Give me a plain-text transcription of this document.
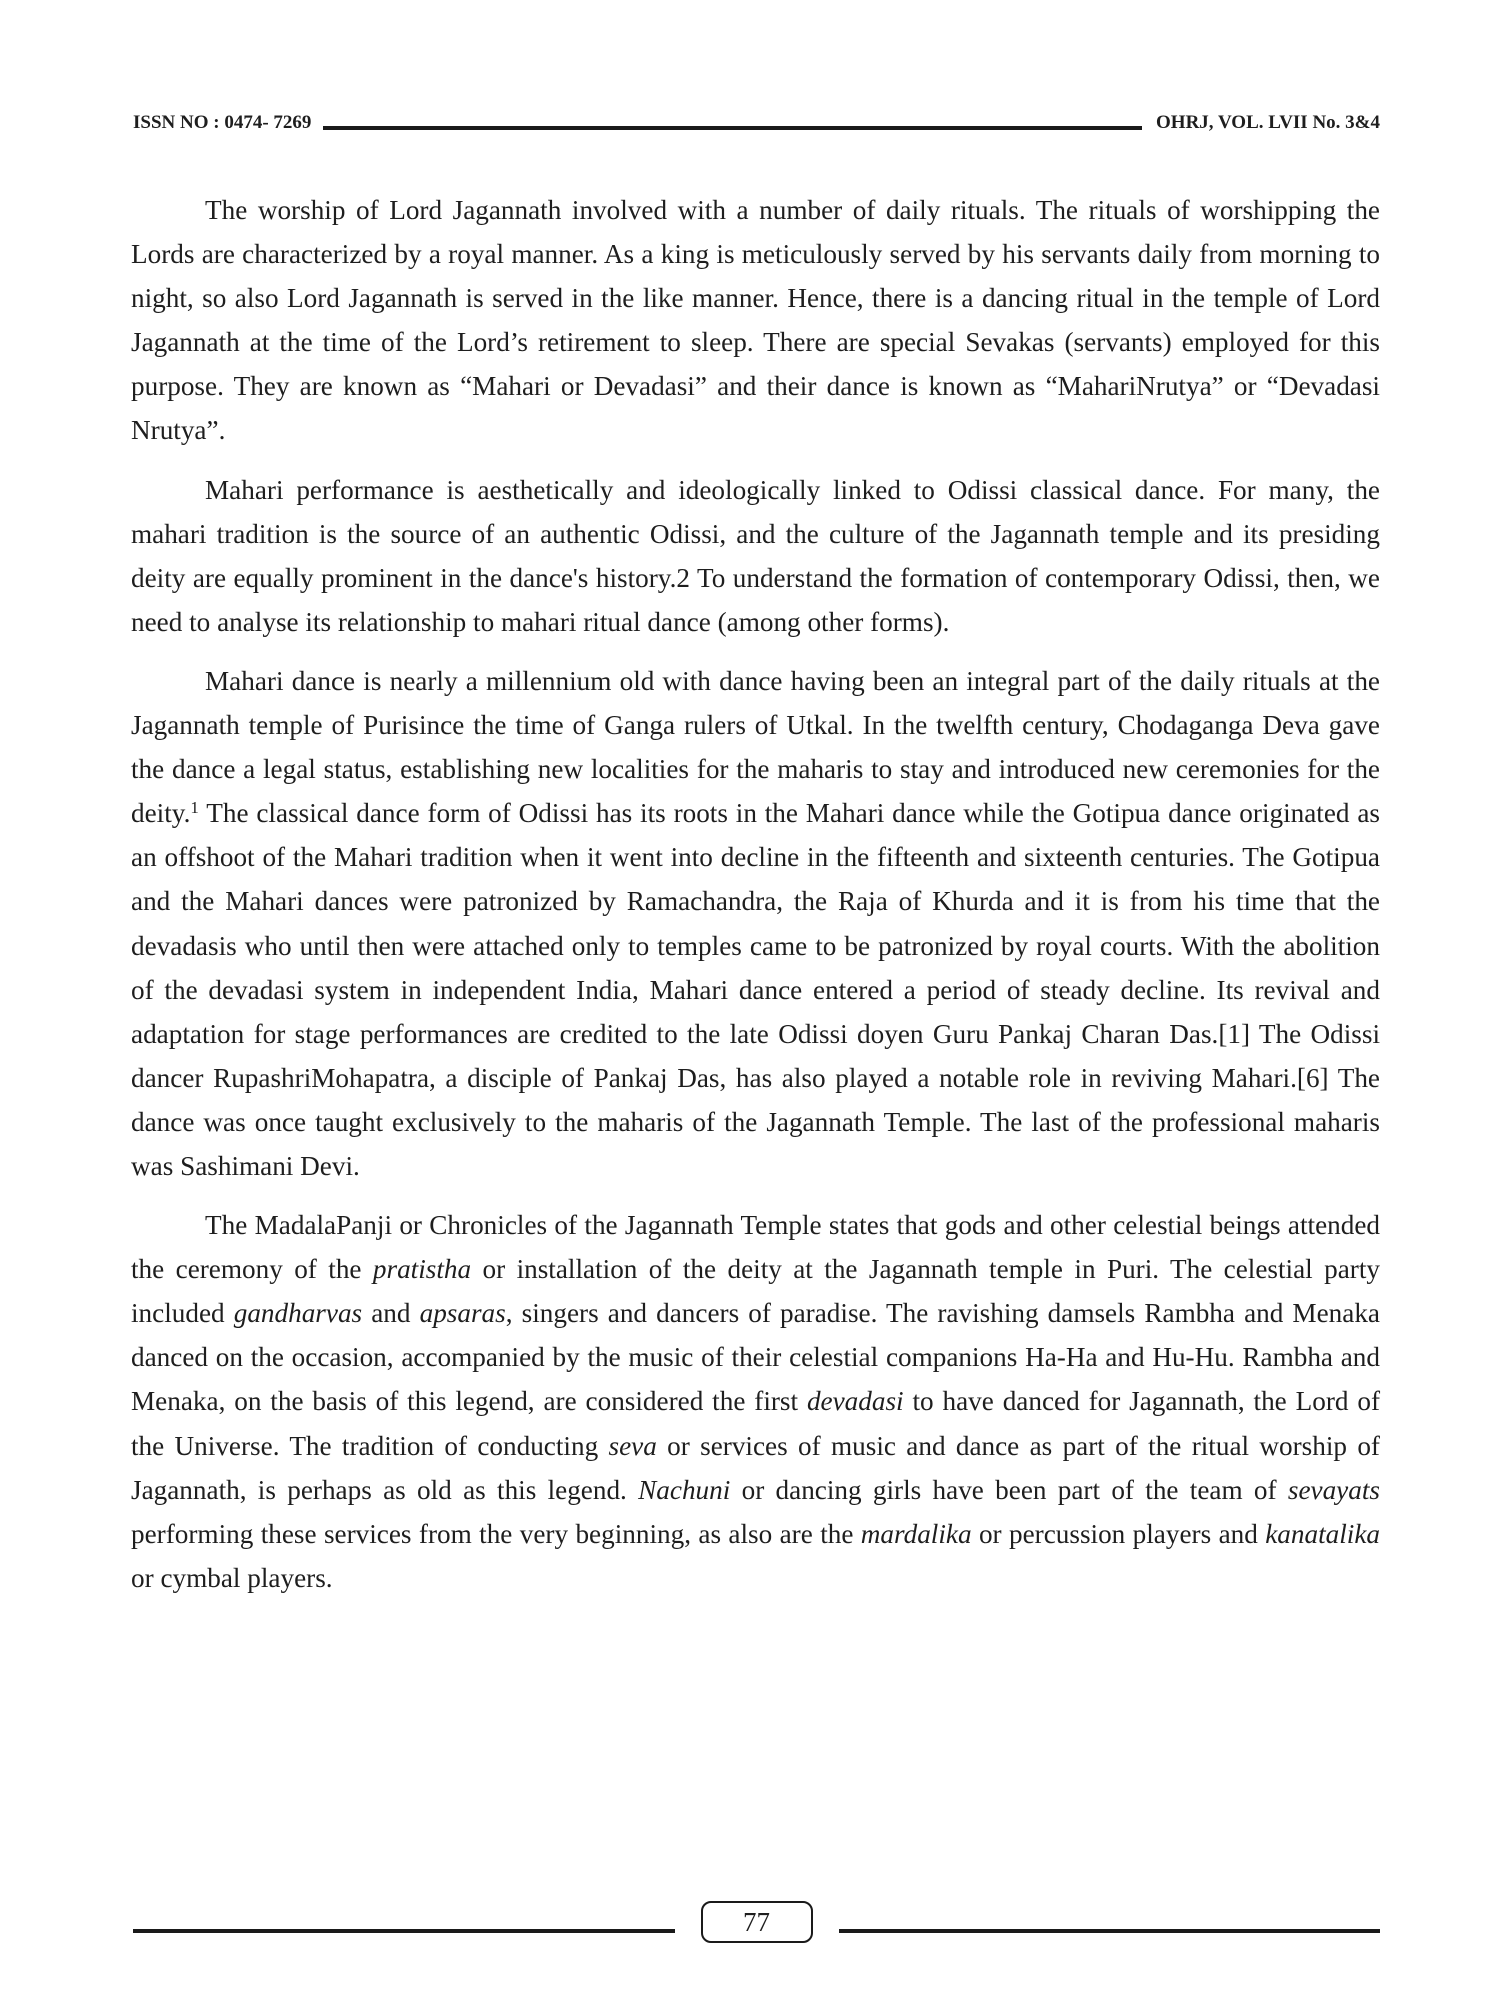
ISSN NO : 0474- 7269	OHRJ, VOL. LVII No. 3&4

The worship of Lord Jagannath involved with a number of daily rituals. The rituals of worshipping the Lords are characterized by a royal manner. As a king is meticulously served by his servants daily from morning to night, so also Lord Jagannath is served in the like manner. Hence, there is a dancing ritual in the temple of Lord Jagannath at the time of the Lord’s retirement to sleep. There are special Sevakas (servants) employed for this purpose. They are known as “Mahari or Devadasi” and their dance is known as “MahariNrutya” or “Devadasi Nrutya”.

Mahari performance is aesthetically and ideologically linked to Odissi classical dance. For many, the mahari tradition is the source of an authentic Odissi, and the culture of the Jagannath temple and its presiding deity are equally prominent in the dance's history.2 To understand the formation of contemporary Odissi, then, we need to analyse its relationship to mahari ritual dance (among other forms).

Mahari dance is nearly a millennium old with dance having been an integral part of the daily rituals at the Jagannath temple of Purisince the time of Ganga rulers of Utkal. In the twelfth century, Chodaganga Deva gave the dance a legal status, establishing new localities for the maharis to stay and introduced new ceremonies for the deity.$^1$ The classical dance form of Odissi has its roots in the Mahari dance while the Gotipua dance originated as an offshoot of the Mahari tradition when it went into decline in the fifteenth and sixteenth centuries. The Gotipua and the Mahari dances were patronized by Ramachandra, the Raja of Khurda and it is from his time that the devadasis who until then were attached only to temples came to be patronized by royal courts. With the abolition of the devadasi system in independent India, Mahari dance entered a period of steady decline. Its revival and adaptation for stage performances are credited to the late Odissi doyen Guru Pankaj Charan Das.[1] The Odissi dancer RupashriMohapatra, a disciple of Pankaj Das, has also played a notable role in reviving Mahari.[6] The dance was once taught exclusively to the maharis of the Jagannath Temple. The last of the professional maharis was Sashimani Devi.

The MadalaPanji or Chronicles of the Jagannath Temple states that gods and other celestial beings attended the ceremony of the pratistha or installation of the deity at the Jagannath temple in Puri. The celestial party included gandharvas and apsaras, singers and dancers of paradise. The ravishing damsels Rambha and Menaka danced on the occasion, accompanied by the music of their celestial companions Ha-Ha and Hu-Hu. Rambha and Menaka, on the basis of this legend, are considered the first devadasi to have danced for Jagannath, the Lord of the Universe. The tradition of conducting seva or services of music and dance as part of the ritual worship of Jagannath, is perhaps as old as this legend. Nachuni or dancing girls have been part of the team of sevayats performing these services from the very beginning, as also are the mardalika or percussion players and kanatalika or cymbal players.

77
